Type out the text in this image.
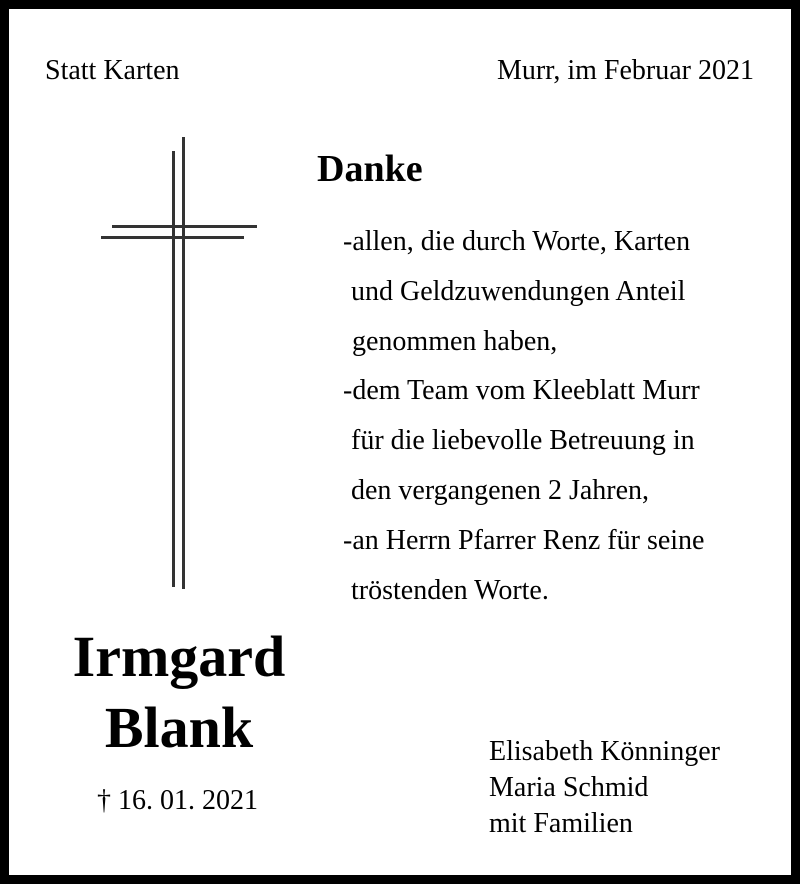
Statt Karten	Murr, im Februar 2021
Danke
-allen, die durch Worte, Karten
und Geldzuwendungen Anteil
genommen haben,
-dem Team vom Kleeblatt Murr
für die liebevolle Betreuung in
den vergangenen 2 Jahren,
-an Herrn Pfarrer Renz für seine
tröstenden Worte.
Irmgard
Blank
† 16. 01. 2021
Elisabeth Könninger
Maria Schmid
mit Familien
